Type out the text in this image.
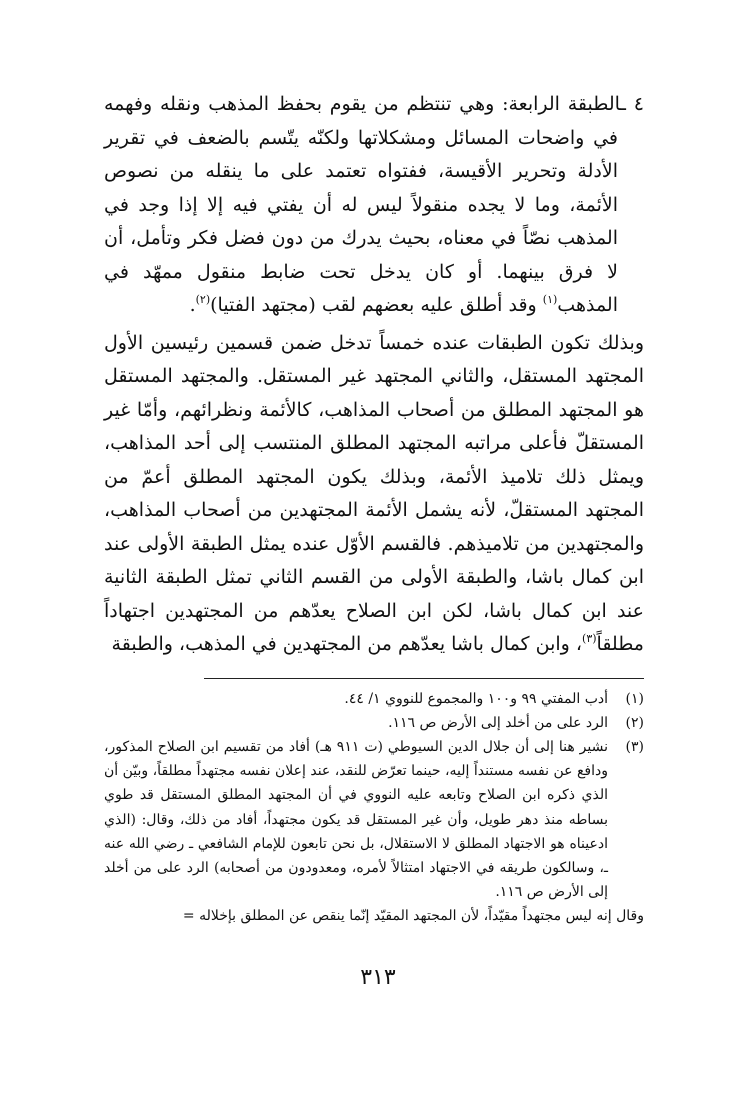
٤ ـالطبقة الرابعة: وهي تنتظم من يقوم بحفظ المذهب ونقله وفهمه في واضحات المسائل ومشكلاتها ولكنّه يتّسم بالضعف في تقرير الأدلة وتحرير الأقيسة، ففتواه تعتمد على ما ينقله من نصوص الأئمة، وما لا يجده منقولاً ليس له أن يفتي فيه إلا إذا وجد في المذهب نصّاً في معناه، بحيث يدرك من دون فضل فكر وتأمل، أن لا فرق بينهما. أو كان يدخل تحت ضابط منقول ممهّد في المذهب$^{(١)}$ وقد أطلق عليه بعضهم لقب (مجتهد الفتيا)$^{(٢)}$.

وبذلك تكون الطبقات عنده خمساً تدخل ضمن قسمين رئيسين الأول المجتهد المستقل، والثاني المجتهد غير المستقل. والمجتهد المستقل هو المجتهد المطلق من أصحاب المذاهب، كالأئمة ونظرائهم، وأمّا غير المستقلّ فأعلى مراتبه المجتهد المطلق المنتسب إلى أحد المذاهب، ويمثل ذلك تلاميذ الأئمة، وبذلك يكون المجتهد المطلق أعمّ من المجتهد المستقلّ، لأنه يشمل الأئمة المجتهدين من أصحاب المذاهب، والمجتهدين من تلاميذهم. فالقسم الأوّل عنده يمثل الطبقة الأولى عند ابن كمال باشا، والطبقة الأولى من القسم الثاني تمثل الطبقة الثانية عند ابن كمال باشا، لكن ابن الصلاح يعدّهم من المجتهدين اجتهاداً مطلقاً$^{(٣)}$، وابن كمال باشا يعدّهم من المجتهدين في المذهب، والطبقة

(١)
أدب المفتي ٩٩ و١٠٠ والمجموع للنووي ١/ ٤٤.

(٢)
الرد على من أخلد إلى الأرض ص ١١٦.

(٣)
نشير هنا إلى أن جلال الدين السيوطي (ت ٩١١ هـ) أفاد من تقسيم ابن الصلاح المذكور، ودافع عن نفسه مستنداً إليه، حينما تعرّض للنقد، عند إعلان نفسه مجتهداً مطلقاً، وبيّن أن الذي ذكره ابن الصلاح وتابعه عليه النووي في أن المجتهد المطلق المستقل قد طوي بساطه منذ دهر طويل، وأن غير المستقل قد يكون مجتهداً، أفاد من ذلك، وقال: (الذي ادعيناه هو الاجتهاد المطلق لا الاستقلال، بل نحن تابعون للإمام الشافعي ـ رضي الله عنه ـ، وسالكون طريقه في الاجتهاد امتثالاً لأمره، ومعدودون من أصحابه) الرد على من أخلد إلى الأرض ص ١١٦.

وقال إنه ليس مجتهداً مقيّداً، لأن المجتهد المقيّد إنّما ينقص عن المطلق بإخلاله =

٣١٣
